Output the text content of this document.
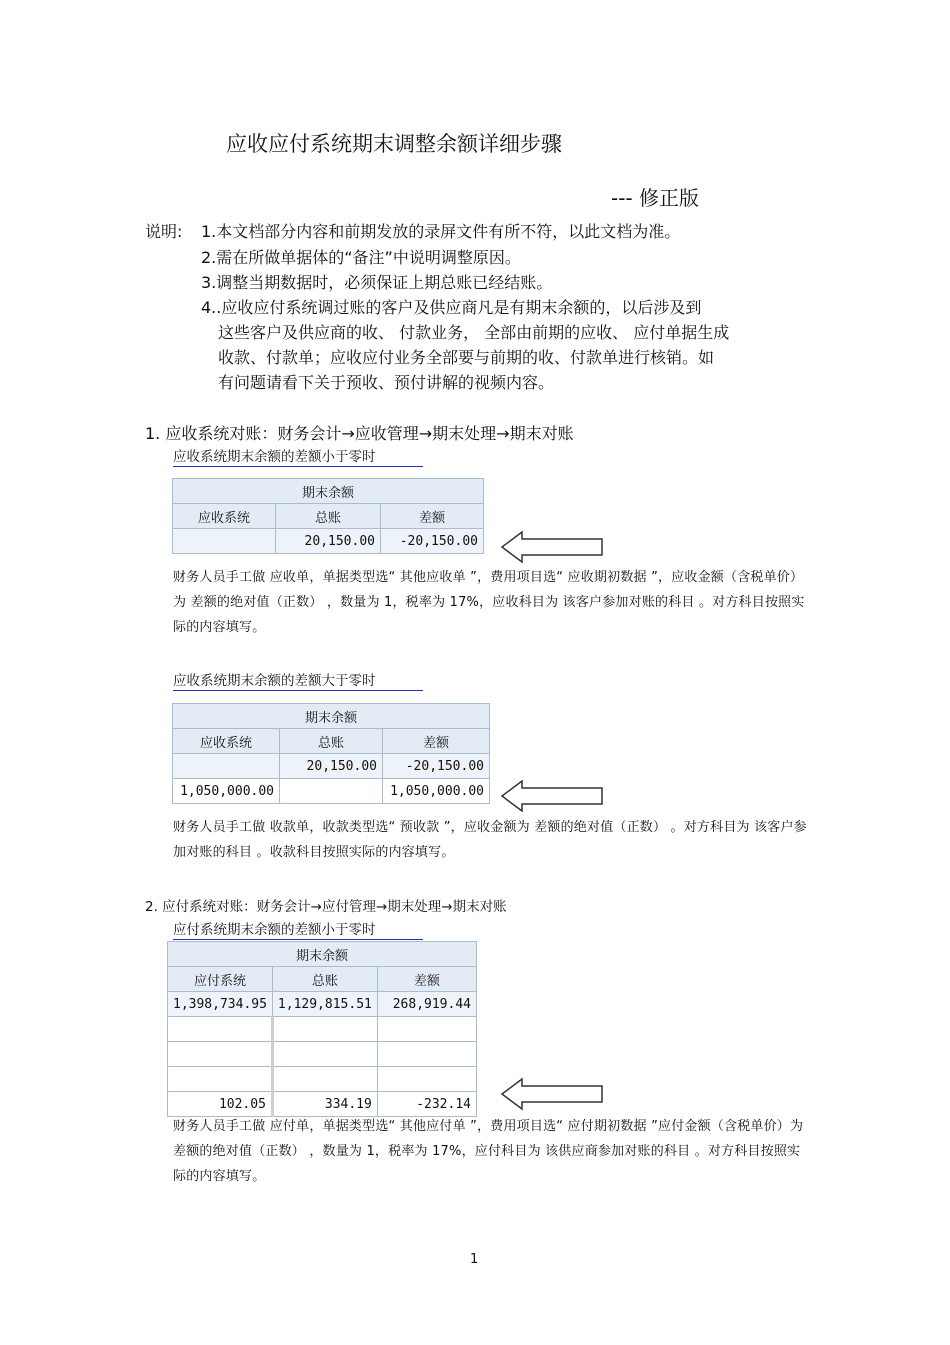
应收应付系统期末调整余额详细步骤
--- 修正版
说明: 1.本文档部分内容和前期发放的录屏文件有所不符，以此文档为准。
2.需在所做单据体的“备注”中说明调整原因。
3.调整当期数据时，必须保证上期总账已经结账。
4..应收应付系统调过账的客户及供应商凡是有期末余额的，以后涉及到
这些客户及供应商的收、 付款业务， 全部由前期的应收、 应付单据生成
收款、付款单；应收应付业务全部要与前期的收、付款单进行核销。如
有问题请看下关于预收、预付讲解的视频内容。
1. 应收系统对账：财务会计→应收管理→期末处理→期末对账
应收系统期末余额的差额小于零时
期末余额		
应收系统	总账	差额
	20,150.00	-20,150.00
财务人员手工做 应收单，单据类型选“ 其他应收单 ”，费用项目选“ 应收期初数据 ”，应收金额（含税单价）为 差额的绝对值（正数） ，数量为 1，税率为 17%，应收科目为 该客户参加对账的科目 。对方科目按照实际的内容填写。
应收系统期末余额的差额大于零时
期末余额		
应收系统	总账	差额
	20,150.00	-20,150.00
1,050,000.00		1,050,000.00
财务人员手工做 收款单，收款类型选“ 预收款 ”，应收金额为 差额的绝对值（正数） 。对方科目为 该客户参加对账的科目 。收款科目按照实际的内容填写。
2. 应付系统对账：财务会计→应付管理→期末处理→期末对账
应付系统期末余额的差额小于零时
期末余额		
应付系统	总账	差额
1,398,734.95	1,129,815.51	268,919.44

102.05	334.19	-232.14
财务人员手工做 应付单，单据类型选“ 其他应付单 ”，费用项目选“ 应付期初数据 ”应付金额（含税单价）为 差额的绝对值（正数） ，数量为 1，税率为 17%，应付科目为 该供应商参加对账的科目 。对方科目按照实际的内容填写。
1
